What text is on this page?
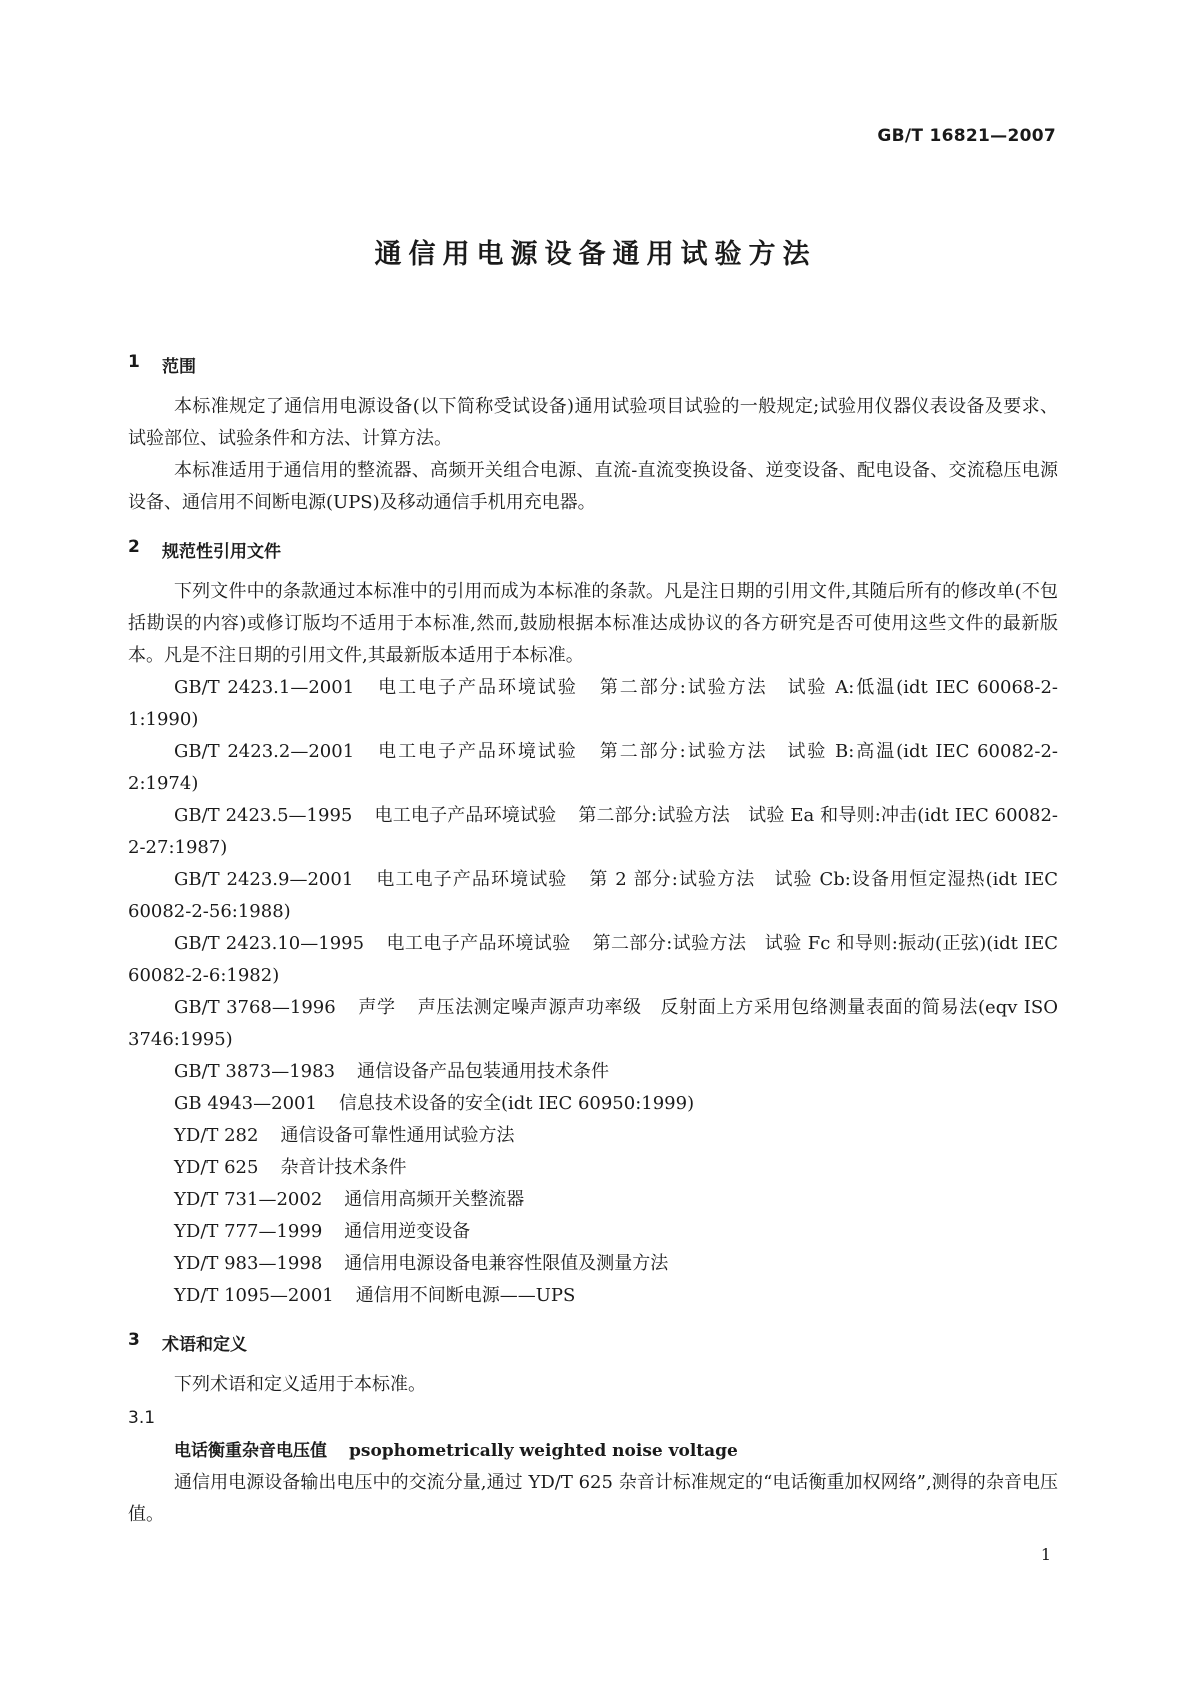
GB/T 16821—2007
通信用电源设备通用试验方法
1	范围

本标准规定了通信用电源设备(以下简称受试设备)通用试验项目试验的一般规定;试验用仪器仪表设备及要求、试验部位、试验条件和方法、计算方法。

本标准适用于通信用的整流器、高频开关组合电源、直流-直流变换设备、逆变设备、配电设备、交流稳压电源设备、通信用不间断电源(UPS)及移动通信手机用充电器。

2	规范性引用文件

下列文件中的条款通过本标准中的引用而成为本标准的条款。凡是注日期的引用文件,其随后所有的修改单(不包括勘误的内容)或修订版均不适用于本标准,然而,鼓励根据本标准达成协议的各方研究是否可使用这些文件的最新版本。凡是不注日期的引用文件,其最新版本适用于本标准。

GB/T 2423.1—2001 电工电子产品环境试验 第二部分:试验方法　试验 A:低温(idt IEC 60068-2-1:1990)

GB/T 2423.2—2001 电工电子产品环境试验 第二部分:试验方法　试验 B:高温(idt IEC 60082-2-2:1974)

GB/T 2423.5—1995 电工电子产品环境试验 第二部分:试验方法　试验 Ea 和导则:冲击(idt IEC 60082-2-27:1987)

GB/T 2423.9—2001 电工电子产品环境试验 第 2 部分:试验方法　试验 Cb:设备用恒定湿热(idt IEC 60082-2-56:1988)

GB/T 2423.10—1995 电工电子产品环境试验 第二部分:试验方法　试验 Fc 和导则:振动(正弦)(idt IEC 60082-2-6:1982)

GB/T 3768—1996 声学 声压法测定噪声源声功率级　反射面上方采用包络测量表面的简易法(eqv ISO 3746:1995)

GB/T 3873—1983 通信设备产品包装通用技术条件

GB 4943—2001 信息技术设备的安全(idt IEC 60950:1999)

YD/T 282 通信设备可靠性通用试验方法

YD/T 625 杂音计技术条件

YD/T 731—2002 通信用高频开关整流器

YD/T 777—1999 通信用逆变设备

YD/T 983—1998 通信用电源设备电兼容性限值及测量方法

YD/T 1095—2001 通信用不间断电源——UPS

3	术语和定义

下列术语和定义适用于本标准。

3.1
电话衡重杂音电压值 psophometrically weighted noise voltage

通信用电源设备输出电压中的交流分量,通过 YD/T 625 杂音计标准规定的“电话衡重加权网络”,测得的杂音电压值。

1
